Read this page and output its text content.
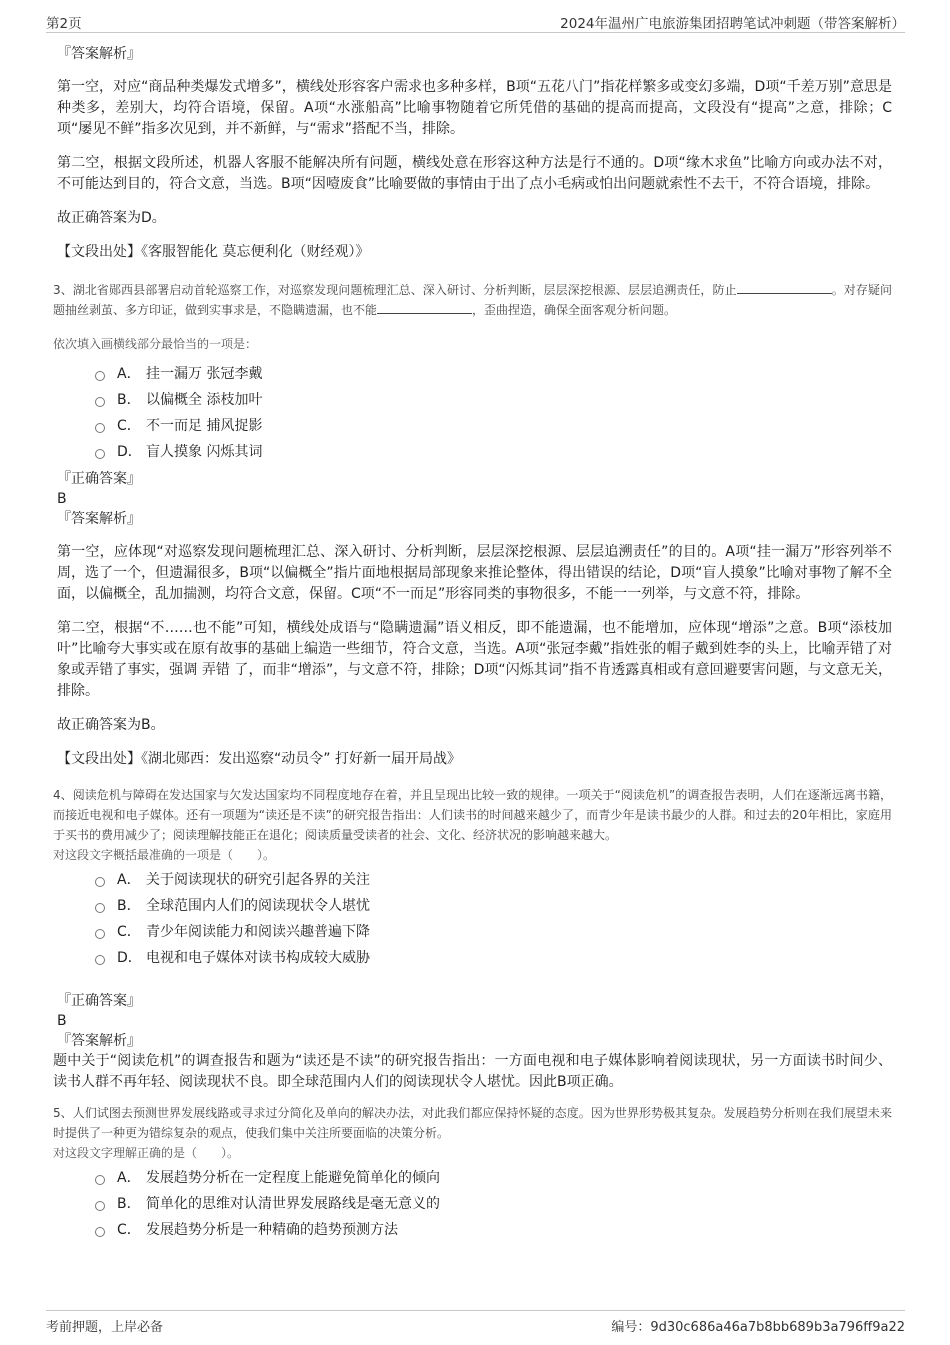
第2页	2024年温州广电旅游集团招聘笔试冲刺题（带答案解析）
『答案解析』
第一空，对应“商品种类爆发式增多”，横线处形容客户需求也多种多样，B项“五花八门”指花样繁多或变幻多端，D项“千差万别”意思是种类多，差别大，均符合语境，保留。A项“水涨船高”比喻事物随着它所凭借的基础的提高而提高，文段没有“提高”之意，排除；C项“屡见不鲜”指多次见到，并不新鲜，与“需求”搭配不当，排除。
第二空，根据文段所述，机器人客服不能解决所有问题，横线处意在形容这种方法是行不通的。D项“缘木求鱼”比喻方向或办法不对，不可能达到目的，符合文意，当选。B项“因噎废食”比喻要做的事情由于出了点小毛病或怕出问题就索性不去干，不符合语境，排除。
故正确答案为D。
【文段出处】《客服智能化 莫忘便利化（财经观）》
3、湖北省郧西县部署启动首轮巡察工作，对巡察发现问题梳理汇总、深入研讨、分析判断，层层深挖根源、层层追溯责任，防止	。对存疑问题抽丝剥茧、多方印证，做到实事求是，不隐瞒遗漏，也不能	，歪曲捏造，确保全面客观分析问题。
依次填入画横线部分最恰当的一项是：
A． 挂一漏万 张冠李戴
B． 以偏概全 添枝加叶
C． 不一而足 捕风捉影
D． 盲人摸象 闪烁其词
『正确答案』
B
『答案解析』
第一空，应体现“对巡察发现问题梳理汇总、深入研讨、分析判断，层层深挖根源、层层追溯责任”的目的。A项“挂一漏万”形容列举不周，选了一个，但遗漏很多，B项“以偏概全”指片面地根据局部现象来推论整体，得出错误的结论，D项“盲人摸象”比喻对事物了解不全面，以偏概全，乱加揣测，均符合文意，保留。C项“不一而足”形容同类的事物很多，不能一一列举，与文意不符，排除。
第二空，根据“不……也不能”可知，横线处成语与“隐瞒遗漏”语义相反，即不能遗漏，也不能增加，应体现“增添”之意。B项“添枝加叶”比喻夸大事实或在原有故事的基础上编造一些细节，符合文意，当选。A项“张冠李戴”指姓张的帽子戴到姓李的头上，比喻弄错了对象或弄错了事实，强调 弄错 了，而非“增添”，与文意不符，排除；D项“闪烁其词”指不肯透露真相或有意回避要害问题，与文意无关，排除。
故正确答案为B。
【文段出处】《湖北郧西：发出巡察“动员令” 打好新一届开局战》
4、阅读危机与障碍在发达国家与欠发达国家均不同程度地存在着，并且呈现出比较一致的规律。一项关于“阅读危机”的调查报告表明，人们在逐渐远离书籍，而接近电视和电子媒体。还有一项题为“读还是不读”的研究报告指出：人们读书的时间越来越少了，而青少年是读书最少的人群。和过去的20年相比，家庭用于买书的费用减少了；阅读理解技能正在退化；阅读质量受读者的社会、文化、经济状况的影响越来越大。
对这段文字概括最准确的一项是（　　）。
A． 关于阅读现状的研究引起各界的关注
B． 全球范围内人们的阅读现状令人堪忧
C． 青少年阅读能力和阅读兴趣普遍下降
D． 电视和电子媒体对读书构成较大威胁
『正确答案』
B
『答案解析』
题中关于“阅读危机”的调查报告和题为“读还是不读”的研究报告指出：一方面电视和电子媒体影响着阅读现状，另一方面读书时间少、读书人群不再年轻、阅读现状不良。即全球范围内人们的阅读现状令人堪忧。因此B项正确。
5、人们试图去预测世界发展线路或寻求过分简化及单向的解决办法，对此我们都应保持怀疑的态度。因为世界形势极其复杂。发展趋势分析则在我们展望未来时提供了一种更为错综复杂的观点，使我们集中关注所要面临的决策分析。
对这段文字理解正确的是（　　）。
A． 发展趋势分析在一定程度上能避免简单化的倾向
B． 简单化的思维对认清世界发展路线是毫无意义的
C． 发展趋势分析是一种精确的趋势预测方法
考前押题，上岸必备	编号：9d30c686a46a7b8bb689b3a796ff9a22
